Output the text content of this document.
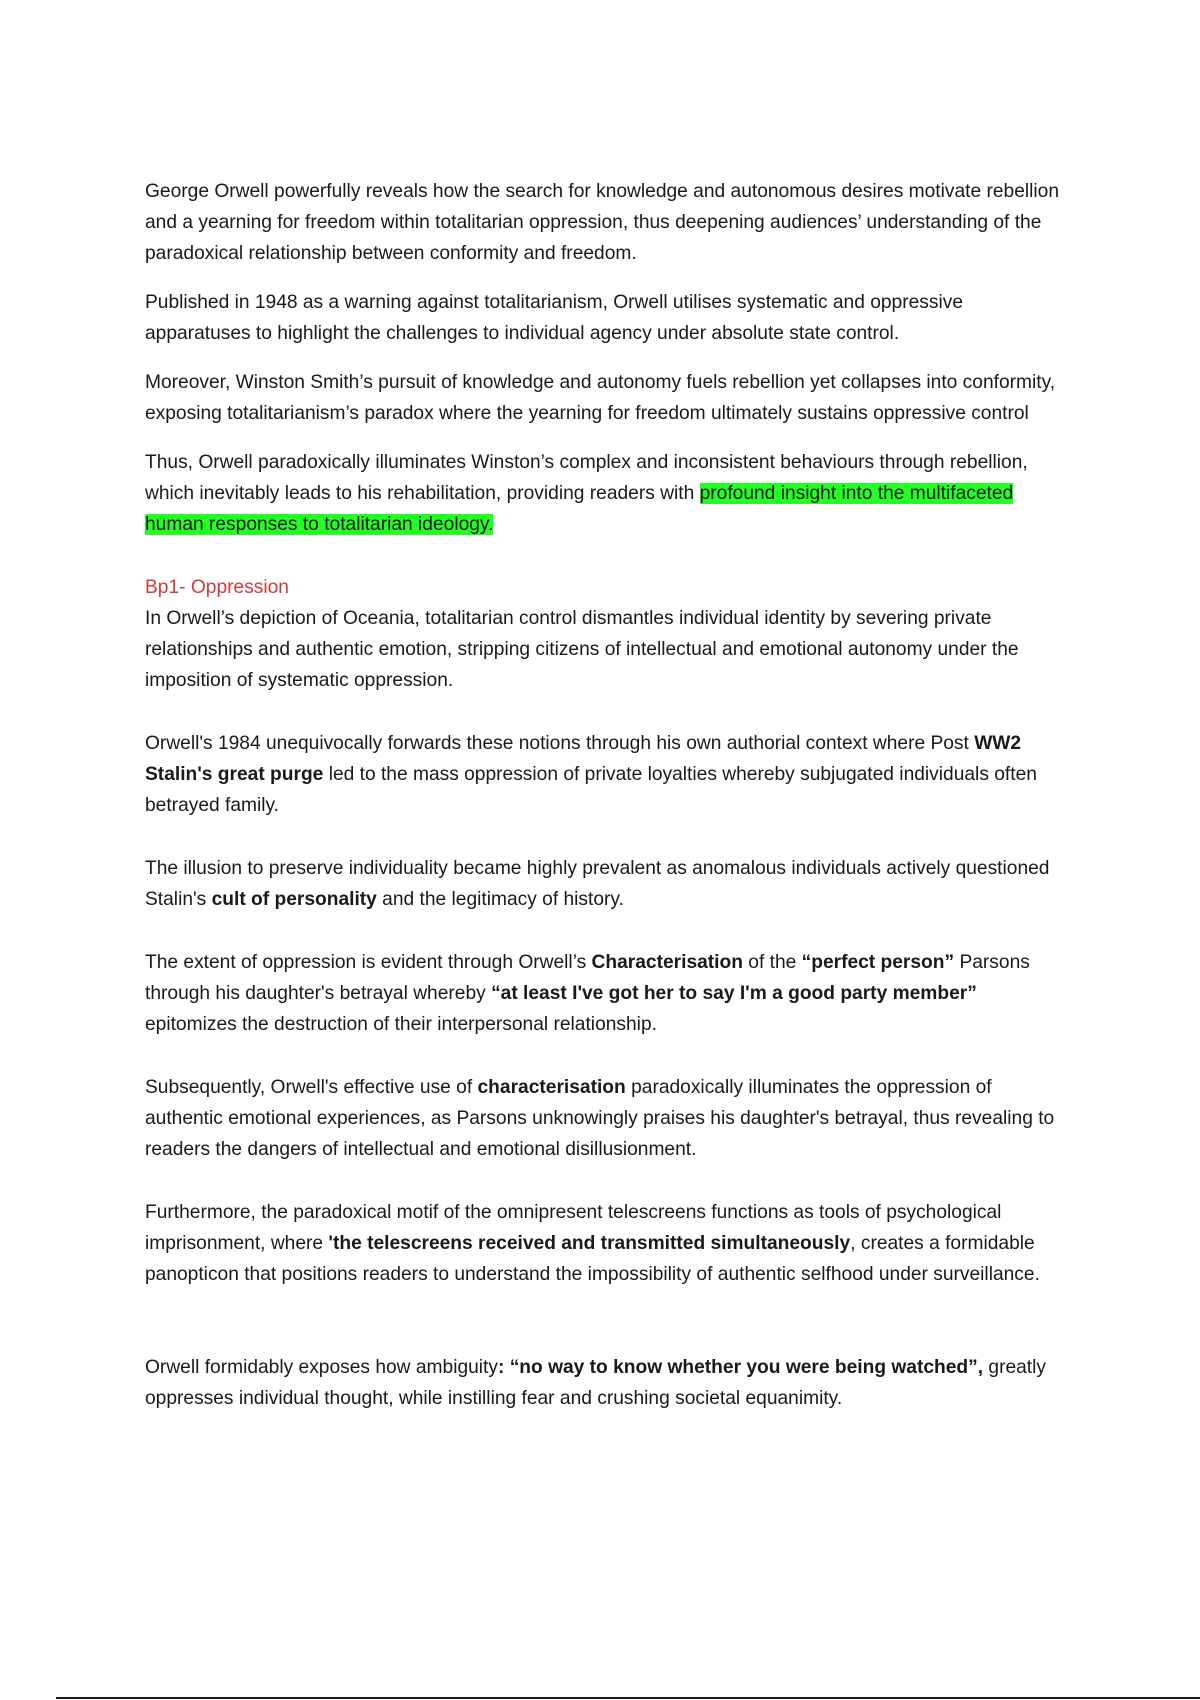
George Orwell powerfully reveals how the search for knowledge and autonomous desires motivate rebellion and a yearning for freedom within totalitarian oppression, thus deepening audiences’ understanding of the paradoxical relationship between conformity and freedom.

Published in 1948 as a warning against totalitarianism, Orwell utilises systematic and oppressive apparatuses to highlight the challenges to individual agency under absolute state control.

Moreover, Winston Smith’s pursuit of knowledge and autonomy fuels rebellion yet collapses into conformity, exposing totalitarianism’s paradox where the yearning for freedom ultimately sustains oppressive control

Thus, Orwell paradoxically illuminates Winston’s complex and inconsistent behaviours through rebellion, which inevitably leads to his rehabilitation, providing readers with profound insight into the multifaceted human responses to totalitarian ideology.

Bp1- Oppression

In Orwell’s depiction of Oceania, totalitarian control dismantles individual identity by severing private relationships and authentic emotion, stripping citizens of intellectual and emotional autonomy under the imposition of systematic oppression.

Orwell's 1984 unequivocally forwards these notions through his own authorial context where Post WW2 Stalin's great purge led to the mass oppression of private loyalties whereby subjugated individuals often betrayed family.

The illusion to preserve individuality became highly prevalent as anomalous individuals actively questioned Stalin's cult of personality and the legitimacy of history.

The extent of oppression is evident through Orwell’s Characterisation of the “perfect person” Parsons through his daughter's betrayal whereby “at least I've got her to say I'm a good party member” epitomizes the destruction of their interpersonal relationship.

Subsequently, Orwell's effective use of characterisation paradoxically illuminates the oppression of authentic emotional experiences, as Parsons unknowingly praises his daughter's betrayal, thus revealing to readers the dangers of intellectual and emotional disillusionment.

Furthermore, the paradoxical motif of the omnipresent telescreens functions as tools of psychological imprisonment, where 'the telescreens received and transmitted simultaneously, creates a formidable panopticon that positions readers to understand the impossibility of authentic selfhood under surveillance.

Orwell formidably exposes how ambiguity: “no way to know whether you were being watched”, greatly oppresses individual thought, while instilling fear and crushing societal equanimity.
